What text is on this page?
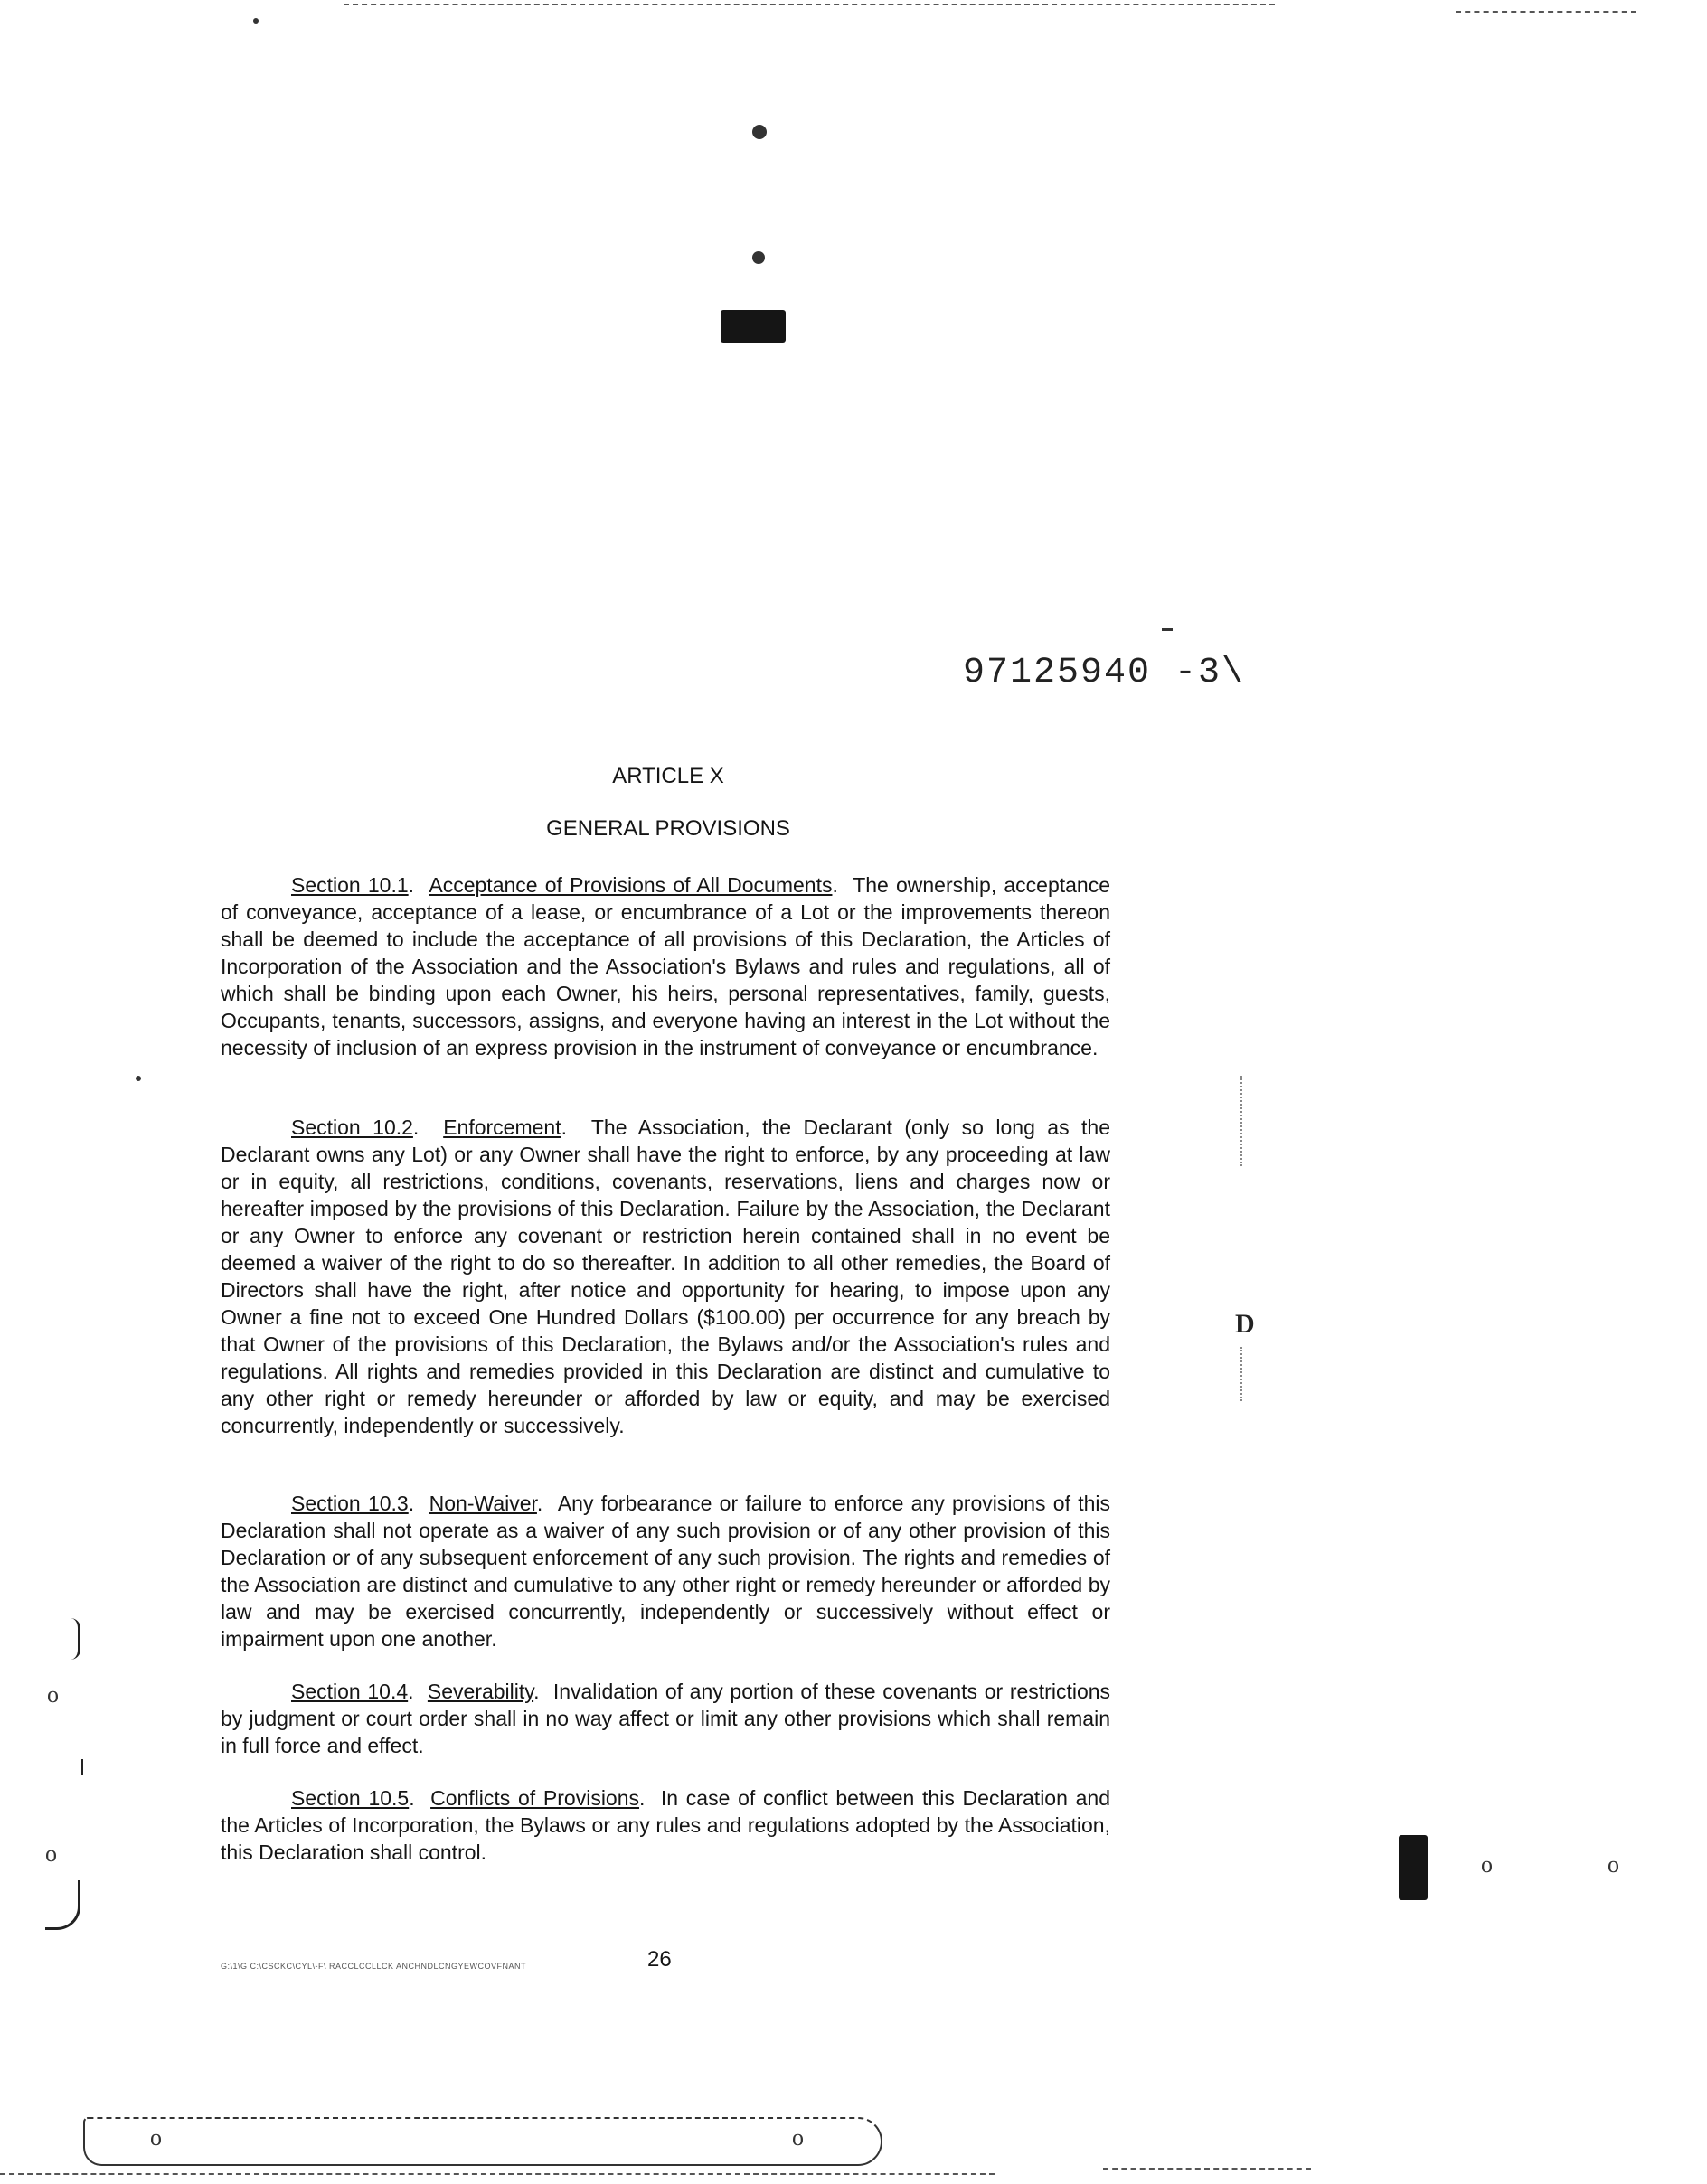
97125940 -3\
ARTICLE X
GENERAL PROVISIONS

Section 10.1.  Acceptance of Provisions of All Documents.  The ownership, acceptance of conveyance, acceptance of a lease, or encumbrance of a Lot or the improvements thereon shall be deemed to include the acceptance of all provisions of this Declaration, the Articles of Incorporation of the Association and the Association's Bylaws and rules and regulations, all of which shall be binding upon each Owner, his heirs, personal representatives, family, guests, Occupants, tenants, successors, assigns, and everyone having an interest in the Lot without the necessity of inclusion of an express provision in the instrument of conveyance or encumbrance.

Section 10.2.  Enforcement.  The Association, the Declarant (only so long as the Declarant owns any Lot) or any Owner shall have the right to enforce, by any proceeding at law or in equity, all restrictions, conditions, covenants, reservations, liens and charges now or hereafter imposed by the provisions of this Declaration. Failure by the Association, the Declarant or any Owner to enforce any covenant or restriction herein contained shall in no event be deemed a waiver of the right to do so thereafter. In addition to all other remedies, the Board of Directors shall have the right, after notice and opportunity for hearing, to impose upon any Owner a fine not to exceed One Hundred Dollars ($100.00) per occurrence for any breach by that Owner of the provisions of this Declaration, the Bylaws and/or the Association's rules and regulations. All rights and remedies provided in this Declaration are distinct and cumulative to any other right or remedy hereunder or afforded by law or equity, and may be exercised concurrently, independently or successively.

Section 10.3.  Non-Waiver.  Any forbearance or failure to enforce any provisions of this Declaration shall not operate as a waiver of any such provision or of any other provision of this Declaration or of any subsequent enforcement of any such provision. The rights and remedies of the Association are distinct and cumulative to any other right or remedy hereunder or afforded by law and may be exercised concurrently, independently or successively without effect or impairment upon one another.

Section 10.4.  Severability.  Invalidation of any portion of these covenants or restrictions by judgment or court order shall in no way affect or limit any other provisions which shall remain in full force and effect.

Section 10.5.  Conflicts of Provisions.  In case of conflict between this Declaration and the Articles of Incorporation, the Bylaws or any rules and regulations adopted by the Association, this Declaration shall control.

G:\1\G C:\CSCKC\CYL\-F\ RACCLCCLLCK ANCHNDLCNGYEWCOVFNANT	26
D
o	o
o
o
o	o
